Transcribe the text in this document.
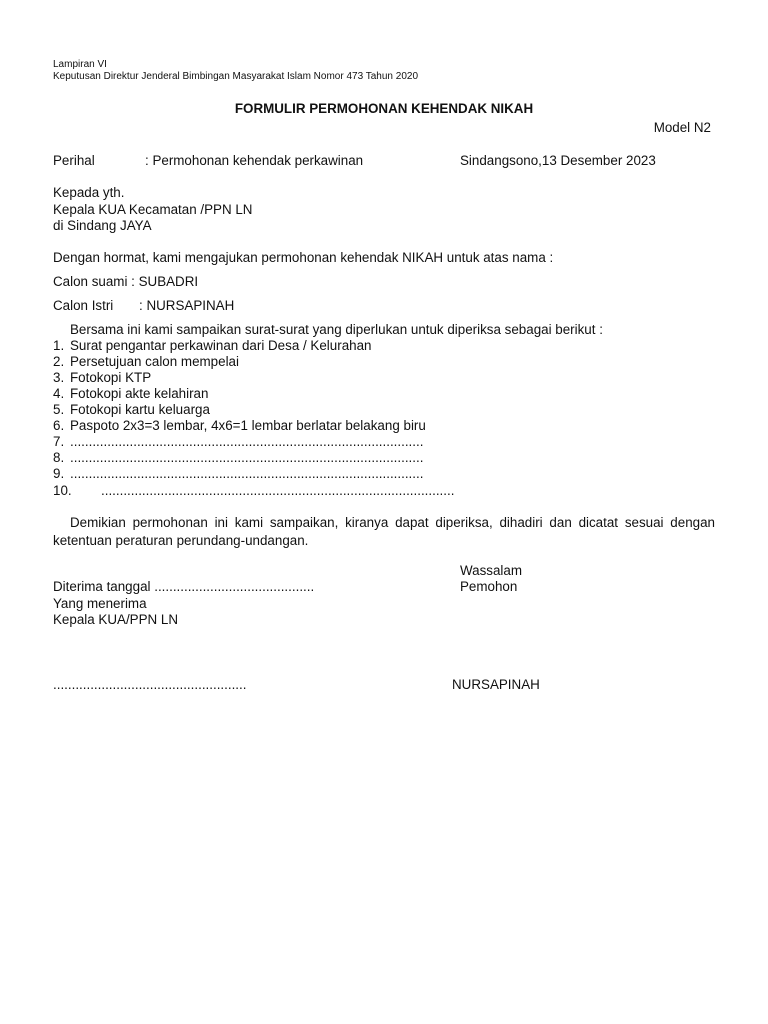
Lampiran VI
Keputusan Direktur Jenderal Bimbingan Masyarakat Islam Nomor 473 Tahun 2020
FORMULIR PERMOHONAN KEHENDAK NIKAH
Model N2
Perihal	: Permohonan kehendak perkawinan	Sindangsono,13 Desember 2023
Kepada yth.
Kepala KUA Kecamatan /PPN LN
di Sindang JAYA
Dengan hormat, kami mengajukan permohonan kehendak NIKAH untuk atas nama :
Calon suami : SUBADRI
Calon Istri : NURSAPINAH
Bersama ini kami sampaikan surat-surat yang diperlukan untuk diperiksa sebagai berikut :
1. Surat pengantar perkawinan dari Desa / Kelurahan
2. Persetujuan calon mempelai
3. Fotokopi KTP
4. Fotokopi akte kelahiran
5. Fotokopi kartu keluarga
6. Paspoto 2x3=3 lembar, 4x6=1 lembar berlatar belakang biru
7. ...............................................................................................
8. ...............................................................................................
9. ...............................................................................................
10. ...............................................................................................
Demikian permohonan ini kami sampaikan, kiranya dapat diperiksa, dihadiri dan dicatat sesuai dengan ketentuan peraturan perundang-undangan.
Wassalam
Pemohon
Diterima tanggal ...........................................
Yang menerima
Kepala KUA/PPN LN
....................................................	NURSAPINAH
